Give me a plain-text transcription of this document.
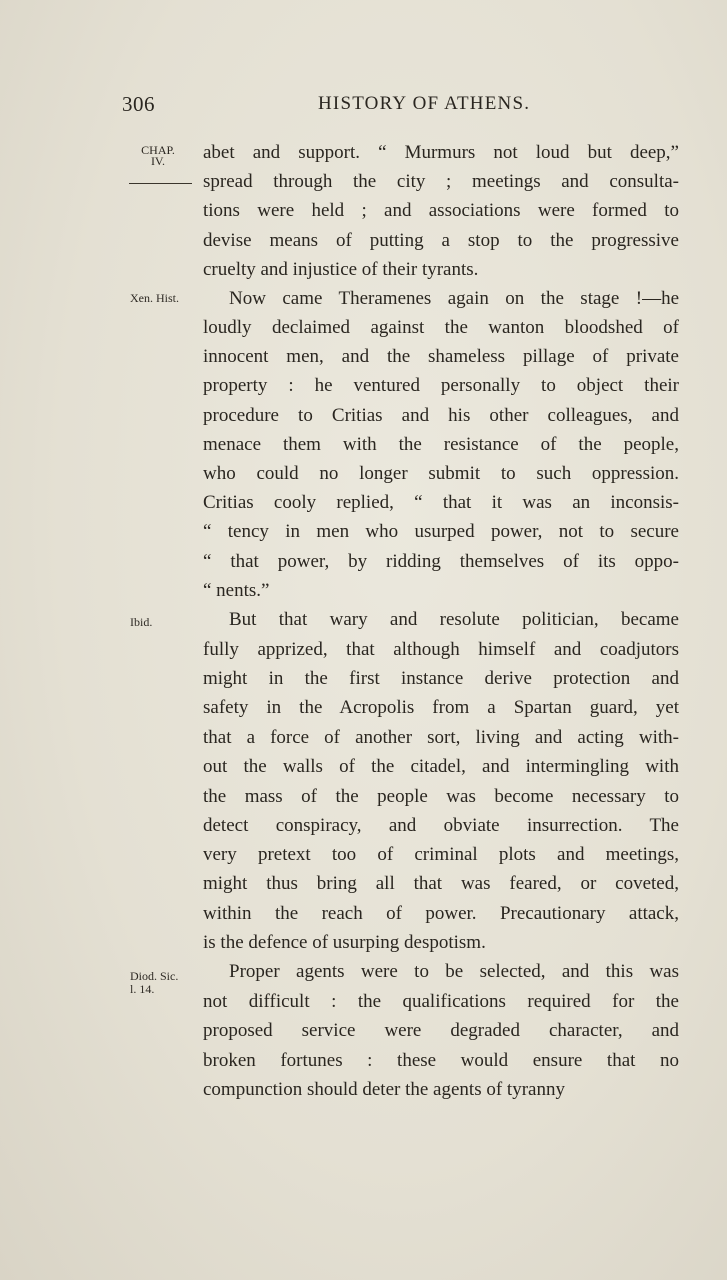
306	HISTORY OF ATHENS.
CHAP.
IV.
Xen. Hist.
Ibid.
Diod. Sic.
l. 14.
abet and support. “ Murmurs not loud but deep,”
spread through the city ; meetings and consulta-
tions were held ; and associations were formed to
devise means of putting a stop to the progressive
cruelty and injustice of their tyrants.
Now came Theramenes again on the stage !—he
loudly declaimed against the wanton bloodshed of
innocent men, and the shameless pillage of private
property : he ventured personally to object their
procedure to Critias and his other colleagues, and
menace them with the resistance of the people,
who could no longer submit to such oppression.
Critias cooly replied, “ that it was an inconsis-
“ tency in men who usurped power, not to secure
“ that power, by ridding themselves of its oppo-
“ nents.”
But that wary and resolute politician, became
fully apprized, that although himself and coadjutors
might in the first instance derive protection and
safety in the Acropolis from a Spartan guard, yet
that a force of another sort, living and acting with-
out the walls of the citadel, and intermingling with
the mass of the people was become necessary to
detect conspiracy, and obviate insurrection. The
very pretext too of criminal plots and meetings,
might thus bring all that was feared, or coveted,
within the reach of power. Precautionary attack,
is the defence of usurping despotism.
Proper agents were to be selected, and this was
not difficult : the qualifications required for the
proposed service were degraded character, and
broken fortunes : these would ensure that no
compunction should deter the agents of tyranny
